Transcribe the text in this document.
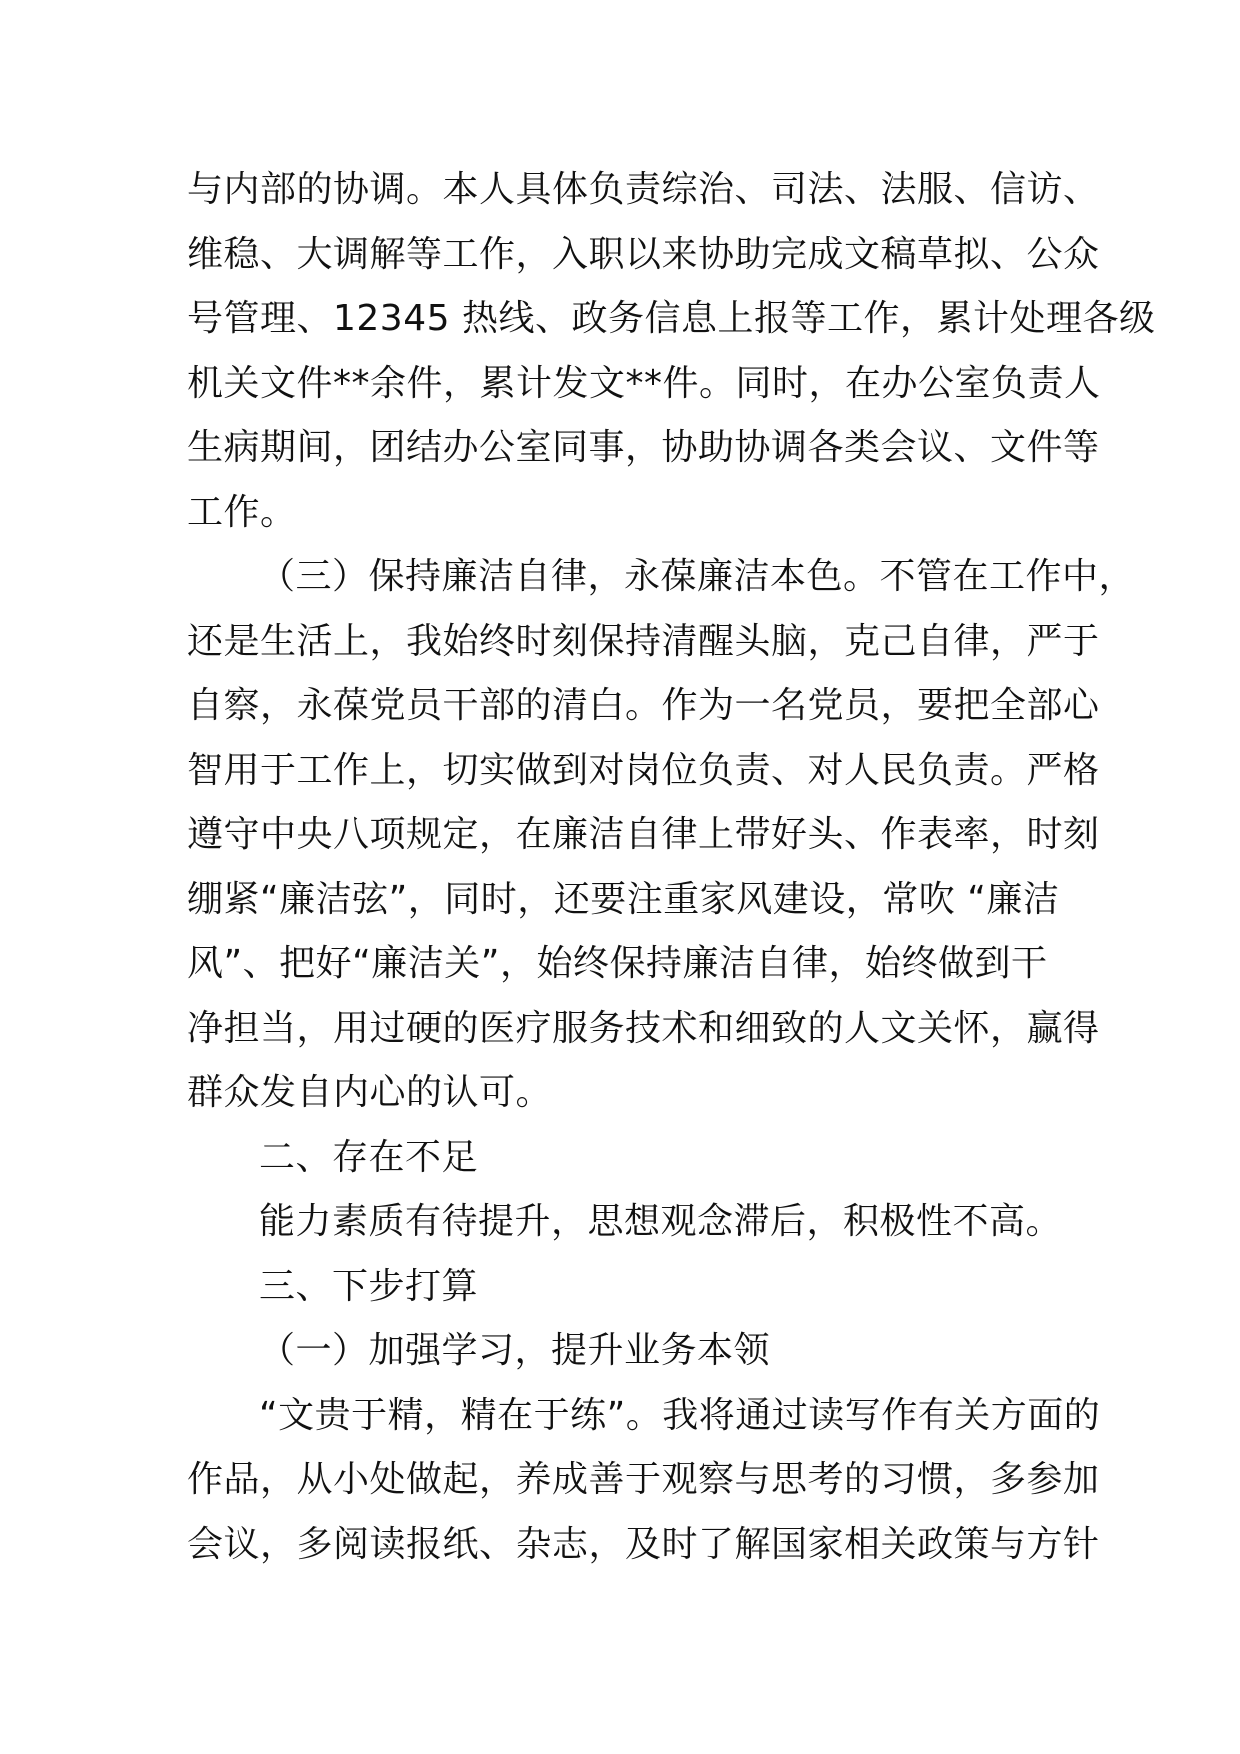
与内部的协调。本人具体负责综治、司法、法服、信访、
维稳、大调解等工作，入职以来协助完成文稿草拟、公众
号管理、12345 热线、政务信息上报等工作，累计处理各级
机关文件**余件，累计发文**件。同时，在办公室负责人
生病期间，团结办公室同事，协助协调各类会议、文件等
工作。
（三）保持廉洁自律，永葆廉洁本色。不管在工作中，
还是生活上，我始终时刻保持清醒头脑，克己自律，严于
自察，永葆党员干部的清白。作为一名党员，要把全部心
智用于工作上，切实做到对岗位负责、对人民负责。严格
遵守中央八项规定，在廉洁自律上带好头、作表率，时刻
绷紧“廉洁弦”，同时，还要注重家风建设，常吹 “廉洁
风”、把好“廉洁关”，始终保持廉洁自律，始终做到干
净担当，用过硬的医疗服务技术和细致的人文关怀，赢得
群众发自内心的认可。
二、存在不足
能力素质有待提升，思想观念滞后，积极性不高。
三、下步打算
（一）加强学习，提升业务本领
“文贵于精，精在于练”。我将通过读写作有关方面的
作品，从小处做起，养成善于观察与思考的习惯，多参加
会议，多阅读报纸、杂志，及时了解国家相关政策与方针
